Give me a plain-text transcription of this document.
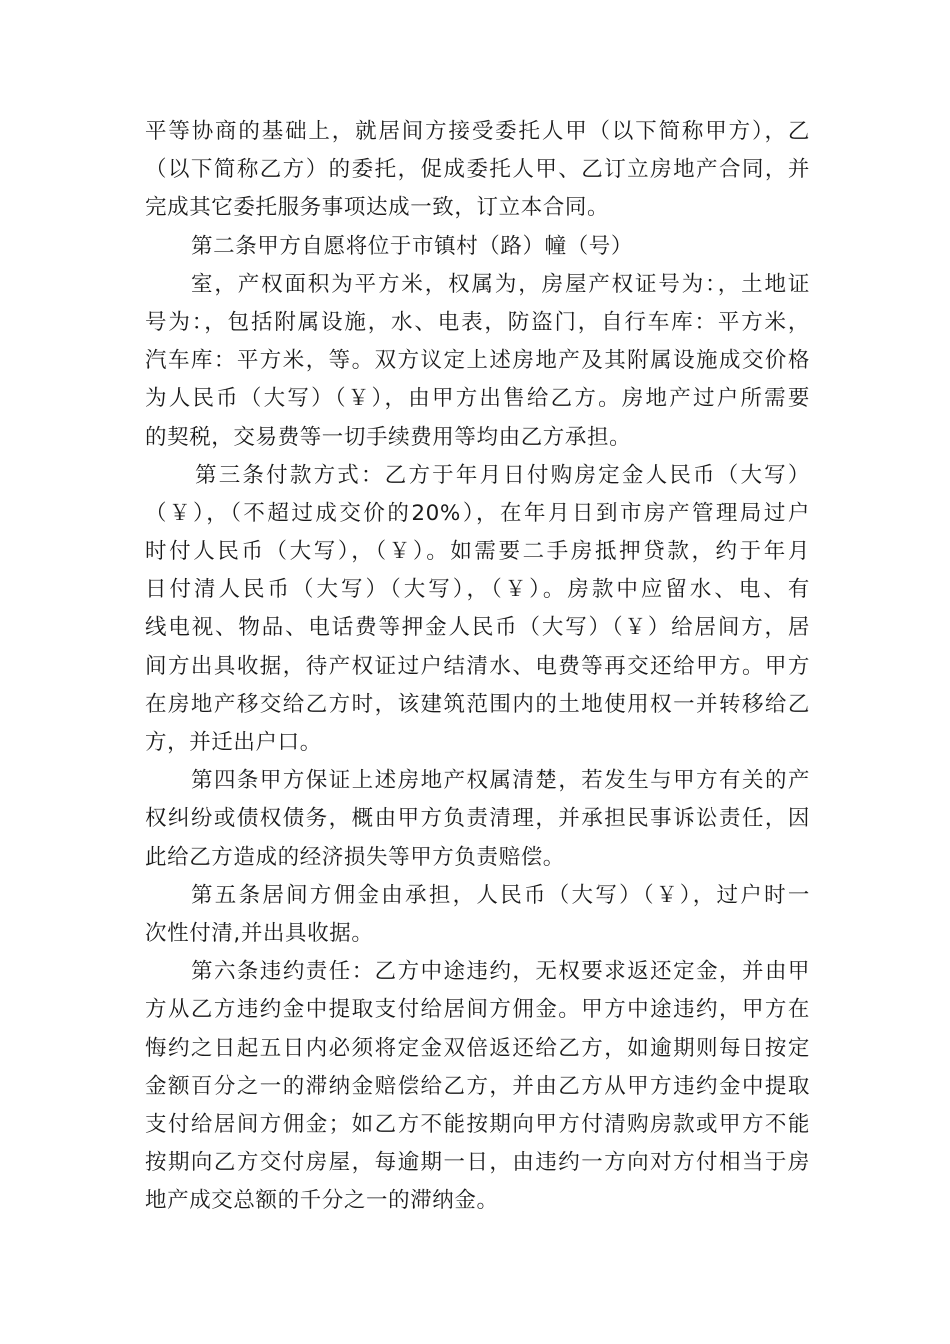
平等协商的基础上，就居间方接受委托人甲（以下简称甲方），乙
（以下简称乙方）的委托，促成委托人甲、乙订立房地产合同，并
完成其它委托服务事项达成一致，订立本合同。
第二条甲方自愿将位于市镇村（路）幢（号）
室，产权面积为平方米，权属为，房屋产权证号为：，土地证
号为：，包括附属设施，水、电表，防盗门，自行车库：平方米，
汽车库：平方米，等。双方议定上述房地产及其附属设施成交价格
为人民币（大写）（￥），由甲方出售给乙方。房地产过户所需要
的契税，交易费等一切手续费用等均由乙方承担。
第三条付款方式：乙方于年月日付购房定金人民币（大写）
（￥），（不超过成交价的20%），在年月日到市房产管理局过户
时付人民币（大写），（￥）。如需要二手房抵押贷款，约于年月
日付清人民币（大写）（大写），（￥）。房款中应留水、电、有
线电视、物品、电话费等押金人民币（大写）（￥）给居间方，居
间方出具收据，待产权证过户结清水、电费等再交还给甲方。甲方
在房地产移交给乙方时，该建筑范围内的土地使用权一并转移给乙
方，并迁出户口。
第四条甲方保证上述房地产权属清楚，若发生与甲方有关的产
权纠纷或债权债务，概由甲方负责清理，并承担民事诉讼责任，因
此给乙方造成的经济损失等甲方负责赔偿。
第五条居间方佣金由承担，人民币（大写）（￥），过户时一
次性付清,并出具收据。
第六条违约责任：乙方中途违约，无权要求返还定金，并由甲
方从乙方违约金中提取支付给居间方佣金。甲方中途违约，甲方在
悔约之日起五日内必须将定金双倍返还给乙方，如逾期则每日按定
金额百分之一的滞纳金赔偿给乙方，并由乙方从甲方违约金中提取
支付给居间方佣金；如乙方不能按期向甲方付清购房款或甲方不能
按期向乙方交付房屋，每逾期一日，由违约一方向对方付相当于房
地产成交总额的千分之一的滞纳金。
